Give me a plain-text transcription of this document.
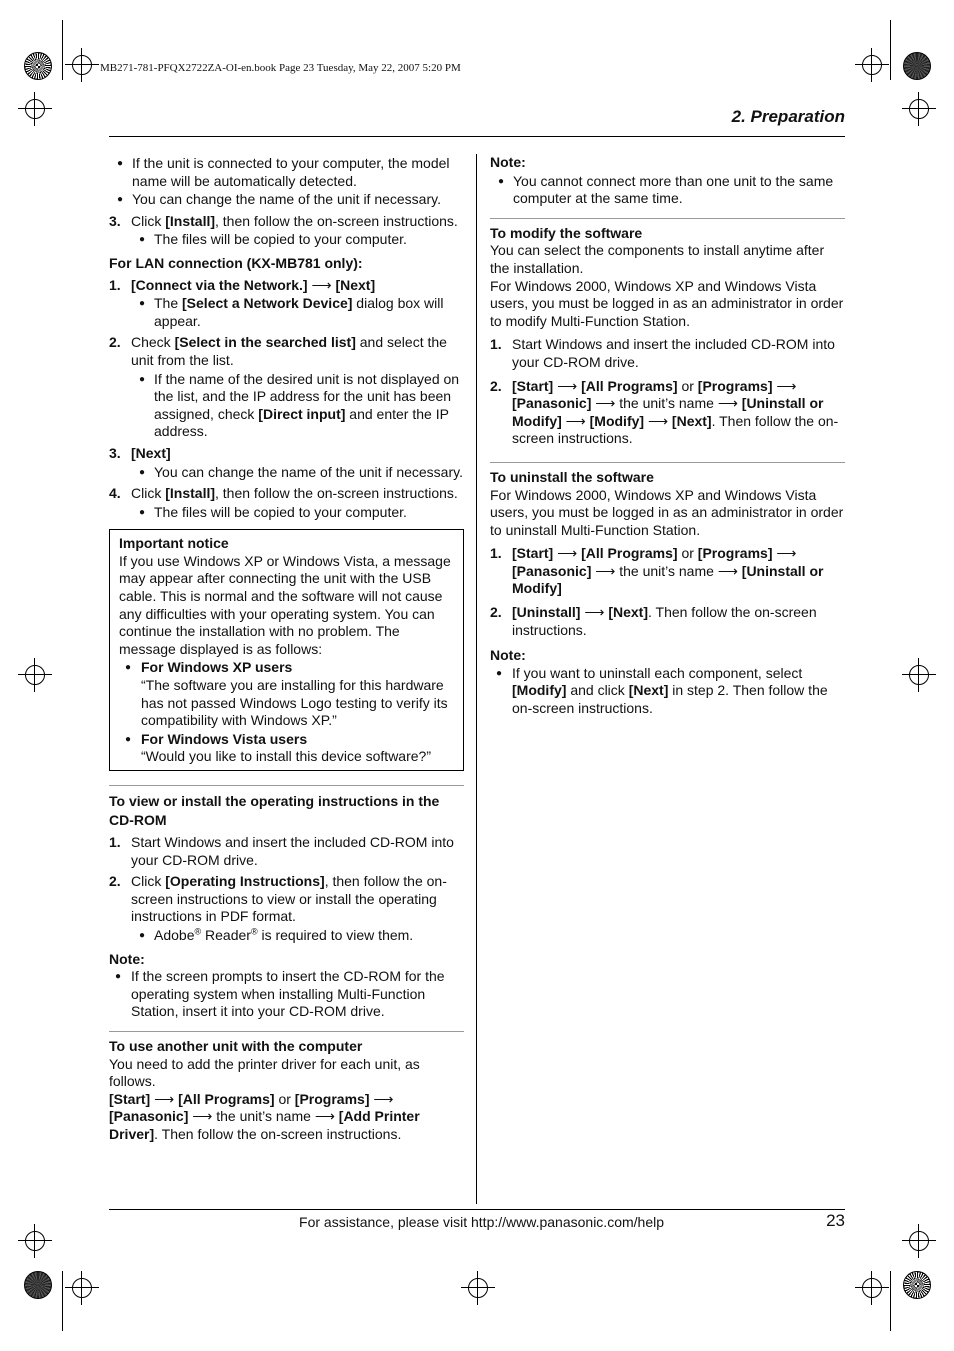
MB271-781-PFQX2722ZA-OI-en.book Page 23 Tuesday, May 22, 2007 5:20 PM
2. Preparation
● If the unit is connected to your computer, the model name will be automatically detected.
● You can change the name of the unit if necessary.
3. Click [Install], then follow the on-screen instructions.
● The files will be copied to your computer.
For LAN connection (KX-MB781 only):
1. [Connect via the Network.] ⟶ [Next]
● The [Select a Network Device] dialog box will appear.
2. Check [Select in the searched list] and select the unit from the list.
● If the name of the desired unit is not displayed on the list, and the IP address for the unit has been assigned, check [Direct input] and enter the IP address.
3. [Next]
● You can change the name of the unit if necessary.
4. Click [Install], then follow the on-screen instructions.
● The files will be copied to your computer.
Important notice
If you use Windows XP or Windows Vista, a message may appear after connecting the unit with the USB cable. This is normal and the software will not cause any difficulties with your operating system. You can continue the installation with no problem. The message displayed is as follows:
● For Windows XP users
“The software you are installing for this hardware has not passed Windows Logo testing to verify its compatibility with Windows XP.”
● For Windows Vista users
“Would you like to install this device software?”
To view or install the operating instructions in the CD-ROM
1. Start Windows and insert the included CD-ROM into your CD-ROM drive.
2. Click [Operating Instructions], then follow the on-screen instructions to view or install the operating instructions in PDF format.
● Adobe® Reader® is required to view them.
Note:
● If the screen prompts to insert the CD-ROM for the operating system when installing Multi-Function Station, insert it into your CD-ROM drive.
To use another unit with the computer
You need to add the printer driver for each unit, as follows.
[Start] ⟶ [All Programs] or [Programs] ⟶ [Panasonic] ⟶ the unit’s name ⟶ [Add Printer Driver]. Then follow the on-screen instructions.
Note:
● You cannot connect more than one unit to the same computer at the same time.
To modify the software
You can select the components to install anytime after the installation.
For Windows 2000, Windows XP and Windows Vista users, you must be logged in as an administrator in order to modify Multi-Function Station.
1. Start Windows and insert the included CD-ROM into your CD-ROM drive.
2. [Start] ⟶ [All Programs] or [Programs] ⟶ [Panasonic] ⟶ the unit’s name ⟶ [Uninstall or Modify] ⟶ [Modify] ⟶ [Next]. Then follow the on-screen instructions.
To uninstall the software
For Windows 2000, Windows XP and Windows Vista users, you must be logged in as an administrator in order to uninstall Multi-Function Station.
1. [Start] ⟶ [All Programs] or [Programs] ⟶ [Panasonic] ⟶ the unit’s name ⟶ [Uninstall or Modify]
2. [Uninstall] ⟶ [Next]. Then follow the on-screen instructions.
Note:
● If you want to uninstall each component, select [Modify] and click [Next] in step 2. Then follow the on-screen instructions.
For assistance, please visit http://www.panasonic.com/help	23
